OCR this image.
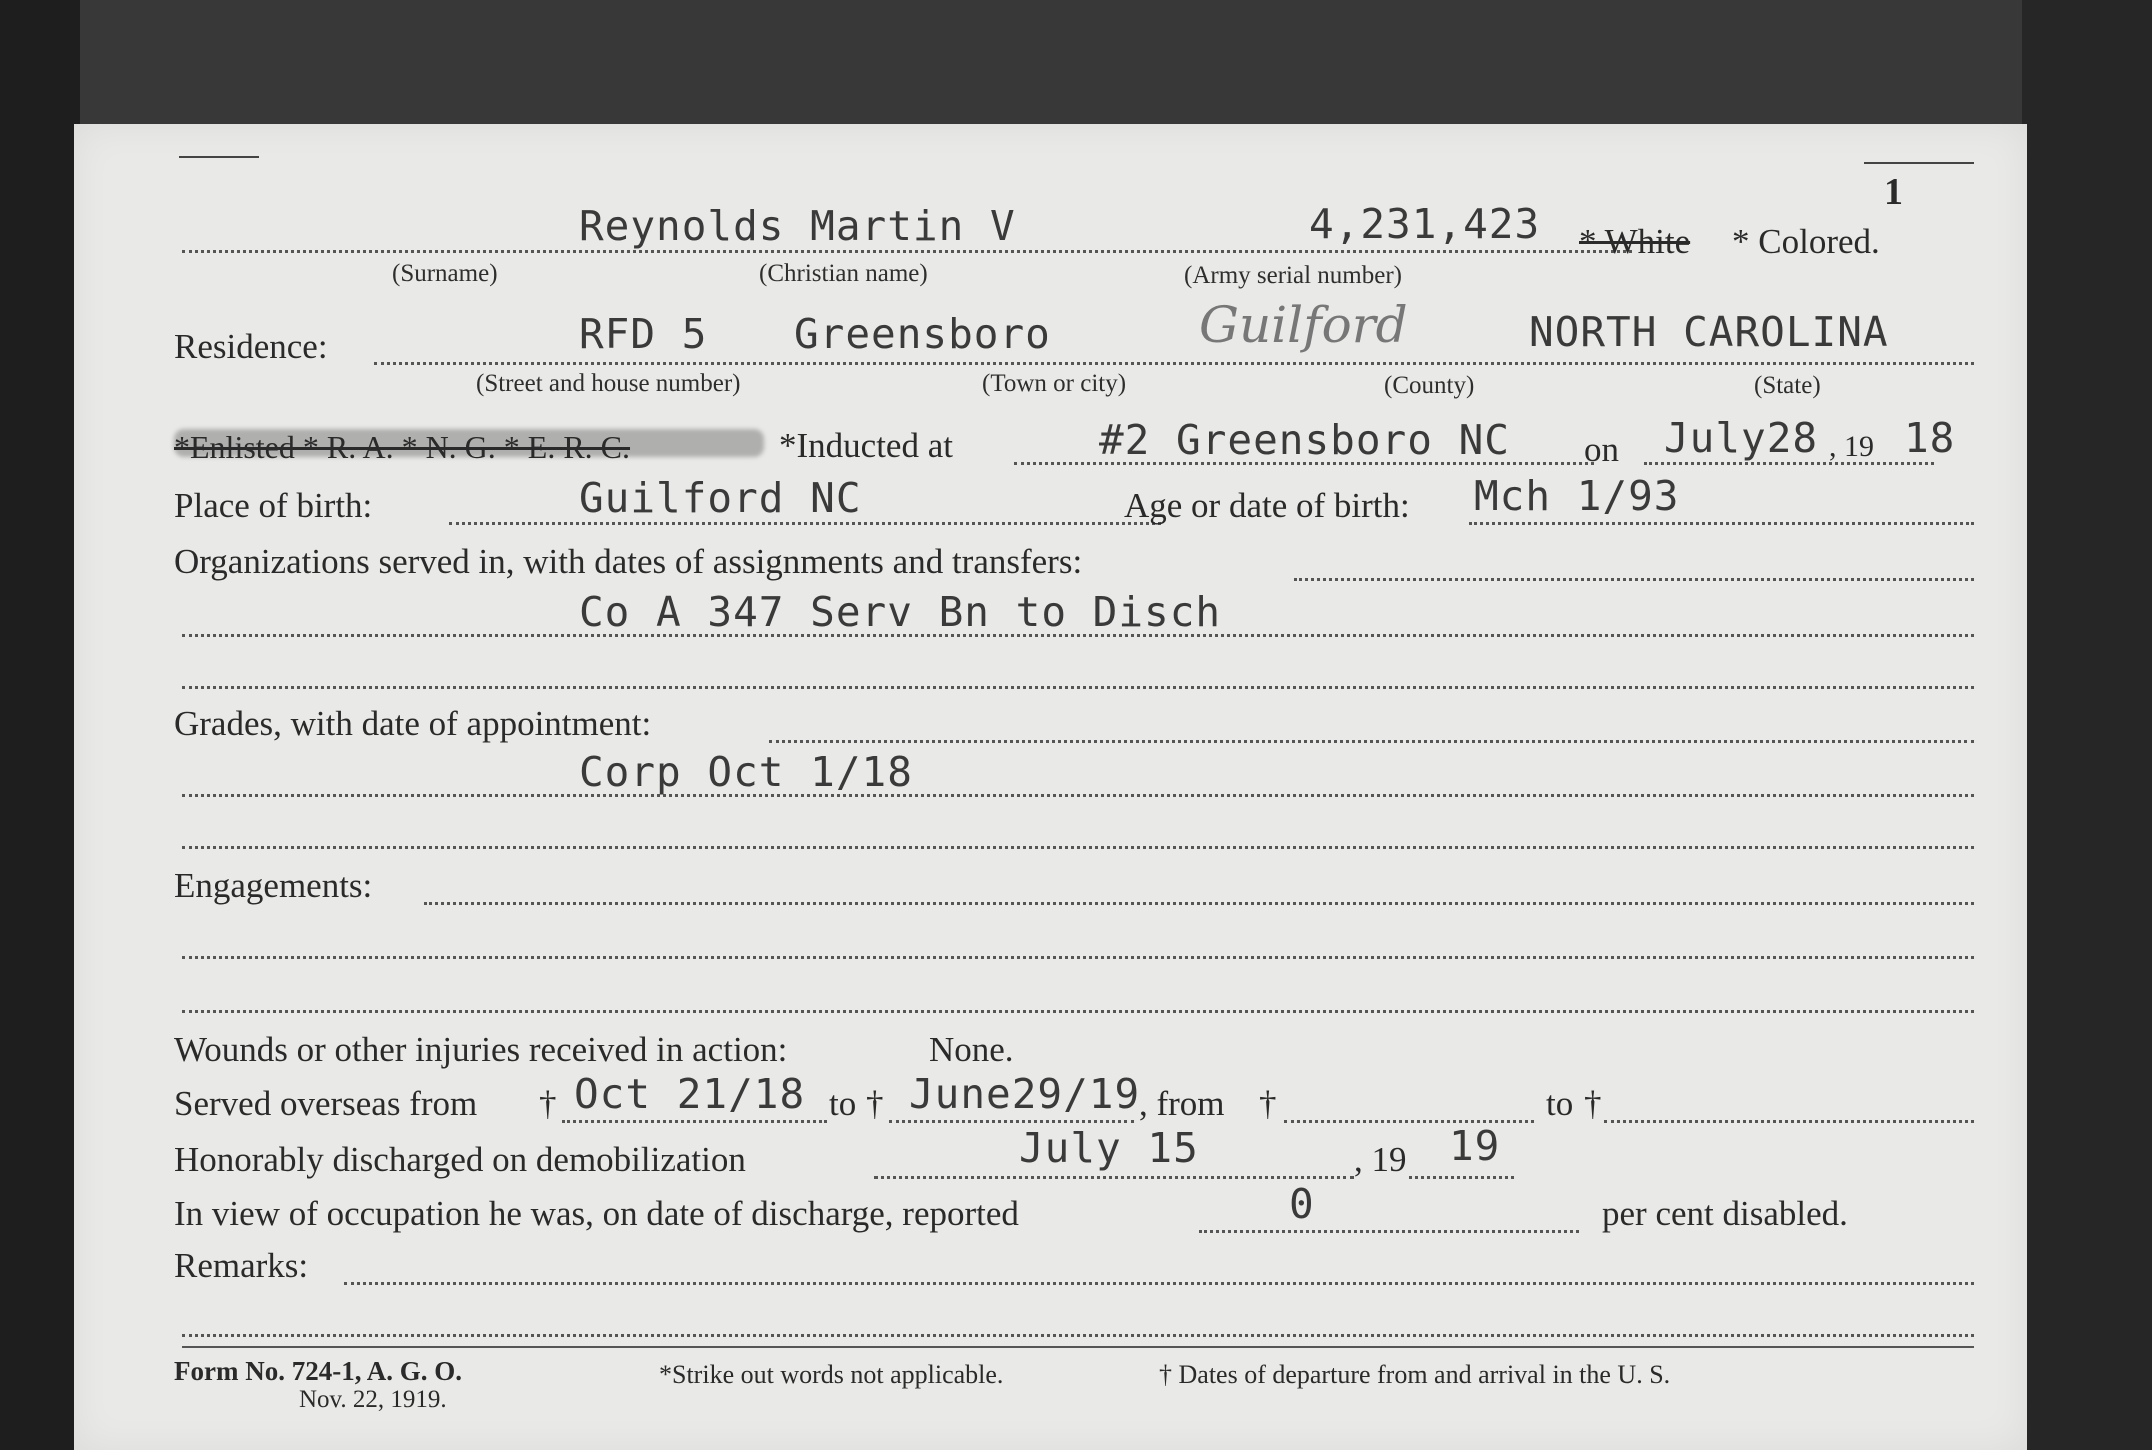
1
Reynolds Martin V	4,231,423 * White * Colored.
(Surname)	(Christian name)	(Army serial number)
Residence:	RFD 5 Greensboro	Guilford	NORTH CAROLINA
(Street and house number)	(Town or city)	(County)	(State)
*Enlisted * R. A. * N. G. * E. R. C.	*Inducted at	#2 Greensboro NC on July28 , 19 18
Place of birth:	Guilford NC	Age or date of birth: Mch 1/93
Organizations served in, with dates of assignments and transfers:
Co A 347 Serv Bn to Disch
Grades, with date of appointment:
Corp Oct 1/18
Engagements:
Wounds or other injuries received in action:	None.
Served overseas from † Oct 21/18 to † June29/19
, from †	to †
Honorably discharged on demobilization	July 15	, 19 19
In view of occupation he was, on date of discharge, reported	0	per cent disabled.
Remarks:
Form No. 724-1, A. G. O.
Nov. 22, 1919.
*Strike out words not applicable.	† Dates of departure from and arrival in the U. S.
